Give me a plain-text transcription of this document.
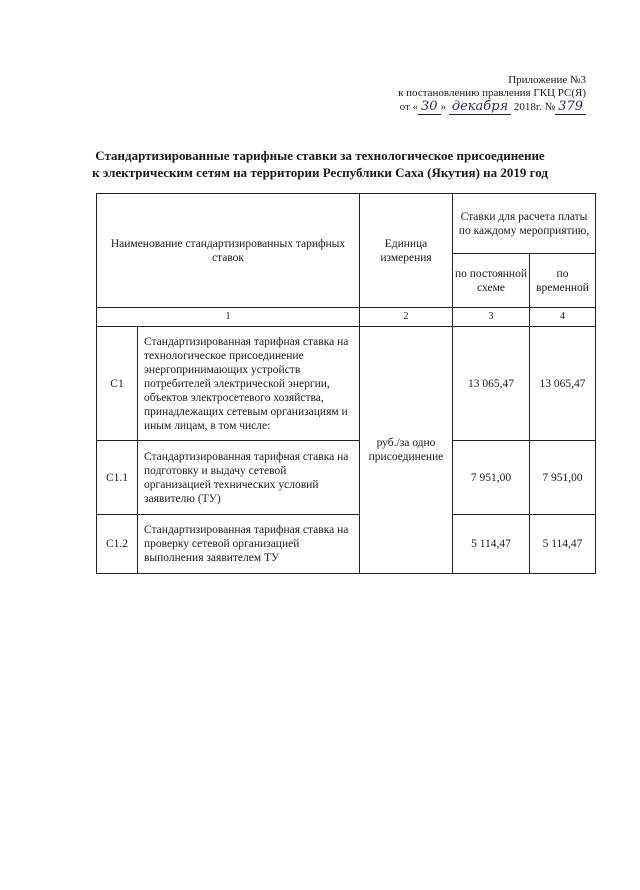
Приложение №3
к постановлению правления ГКЦ РС(Я)
от « 30 » декабря 2018г. № 379
Стандартизированные тарифные ставки за технологическое присоединение
к электрическим сетям на территории Республики Саха (Якутия) на 2019 год
Наименование стандартизированных тарифных ставок		Единица измерения	Ставки для расчета платы по каждому мероприятию,	
			по постоянной схеме	по временной
1		2	3	4
С1	Стандартизированная тарифная ставка на технологическое присоединение энергопринимающих устройств потребителей электрической энергии, объектов электросетевого хозяйства, принадлежащих сетевым организациям и иным лицам, в том числе:	руб./за одно присоединение	13 065,47	13 065,47
С1.1	Стандартизированная тарифная ставка на подготовку и выдачу сетевой организацией технических условий заявителю (ТУ)		7 951,00	7 951,00
С1.2	Стандартизированная тарифная ставка на проверку сетевой организацией выполнения заявителем ТУ		5 114,47	5 114,47
